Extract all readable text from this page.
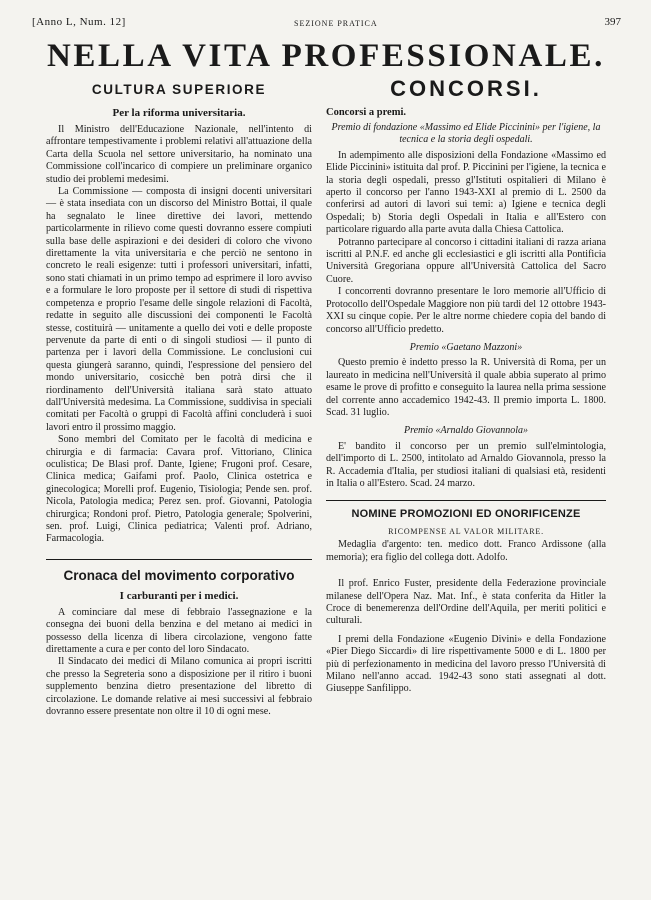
[Anno L, Num. 12]	SEZIONE PRATICA	397
NELLA VITA PROFESSIONALE.
CULTURA SUPERIORE
Per la riforma universitaria.

Il Ministro dell'Educazione Nazionale, nell'intento di affrontare tempestivamente i problemi relativi all'attuazione della Carta della Scuola nel settore universitario, ha nominato una Commissione coll'incarico di compiere un preliminare organico studio dei problemi medesimi.

La Commissione — composta di insigni docenti universitari — è stata insediata con un discorso del Ministro Bottai, il quale ha segnalato le linee direttive dei lavori, mettendo particolarmente in rilievo come questi dovranno essere compiuti sulla base delle aspirazioni e dei desideri di coloro che vivono direttamente la vita universitaria e che perciò ne sentono in concreto le reali esigenze: tutti i professori universitari, infatti, sono stati chiamati in un primo tempo ad esprimere il loro avviso e a formulare le loro proposte per il settore di studi di rispettiva competenza e proprio l'esame delle singole relazioni di Facoltà, redatte in seguito alle discussioni dei componenti le Facoltà stesse, costituirà — unitamente a quello dei voti e delle proposte pervenute da parte di enti o di singoli studiosi — il punto di partenza per i lavori della Commissione. Le conclusioni cui questa giungerà saranno, quindi, l'espressione del pensiero del mondo universitario, cosicchè ben potrà dirsi che il riordinamento dell'Università italiana sarà stato attuato dall'Università medesima. La Commissione, suddivisa in speciali comitati per Facoltà o gruppi di Facoltà affini concluderà i suoi lavori entro il prossimo maggio.

Sono membri del Comitato per le facoltà di medicina e chirurgia e di farmacia: Cavara prof. Vittoriano, Clinica oculistica; De Blasi prof. Dante, Igiene; Frugoni prof. Cesare, Clinica medica; Gaifami prof. Paolo, Clinica ostetrica e ginecologica; Morelli prof. Eugenio, Tisiologia; Pende sen. prof. Nicola, Patologia medica; Perez sen. prof. Giovanni, Patologia chirurgica; Rondoni prof. Pietro, Patologia generale; Spolverini, sen. prof. Luigi, Clinica pediatrica; Valenti prof. Adriano, Farmacologia.

Cronaca del movimento corporativo
I carburanti per i medici.

A cominciare dal mese di febbraio l'assegnazione e la consegna dei buoni della benzina e del metano ai medici in possesso della licenza di libera circolazione, vengono fatte direttamente a cura e per conto del loro Sindacato.

Il Sindacato dei medici di Milano comunica ai propri iscritti che presso la Segreteria sono a disposizione per il ritiro i buoni supplemento benzina dietro presentazione del libretto di circolazione. Le domande relative ai mesi successivi al febbraio dovranno essere presentate non oltre il 10 di ogni mese.

CONCORSI.
Concorsi a premi.
Premio di fondazione «Massimo ed Elide Piccinini» per l'igiene, la tecnica e la storia degli ospedali.

In adempimento alle disposizioni della Fondazione «Massimo ed Elide Piccinini» istituita dal prof. P. Piccinini per l'igiene, la tecnica e la storia degli ospedali, presso gl'Istituti ospitalieri di Milano è aperto il concorso per l'anno 1943-XXI al premio di L. 2500 da conferirsi ad autori di lavori sui temi: a) Igiene e tecnica degli Ospedali; b) Storia degli Ospedali in Italia e all'Estero con particolare riguardo alla parte avuta dalla Chiesa Cattolica.

Potranno partecipare al concorso i cittadini italiani di razza ariana iscritti al P.N.F. ed anche gli ecclesiastici e gli iscritti alla Pontificia Università Gregoriana oppure all'Università Cattolica del Sacro Cuore.

I concorrenti dovranno presentare le loro memorie all'Ufficio di Protocollo dell'Ospedale Maggiore non più tardi del 12 ottobre 1943-XXI su cinque copie. Per le altre norme chiedere copia del bando di concorso all'Ufficio predetto.

Premio «Gaetano Mazzoni»

Questo premio è indetto presso la R. Università di Roma, per un laureato in medicina nell'Università il quale abbia superato al primo esame le prove di profitto e conseguito la laurea nella prima sessione del corrente anno accademico 1942-43. Il premio importa L. 1800. Scad. 31 luglio.

Premio «Arnaldo Giovannola»

E' bandito il concorso per un premio sull'elmintologia, dell'importo di L. 2500, intitolato ad Arnaldo Giovannola, presso la R. Accademia d'Italia, per studiosi italiani di qualsiasi età, residenti in Italia o all'Estero. Scad. 24 marzo.

NOMINE PROMOZIONI ED ONORIFICENZE
RICOMPENSE AL VALOR MILITARE.

Medaglia d'argento: ten. medico dott. Franco Ardissone (alla memoria); era figlio del collega dott. Adolfo.

Il prof. Enrico Fuster, presidente della Federazione provinciale milanese dell'Opera Naz. Mat. Inf., è stata conferita da Hitler la Croce di benemerenza dell'Ordine dell'Aquila, per meriti politici e culturali.

I premi della Fondazione «Eugenio Divini» e della Fondazione «Pier Diego Siccardi» di lire rispettivamente 5000 e di L. 1800 per più di perfezionamento in medicina del lavoro presso l'Università di Milano nell'anno accad. 1942-43 sono stati assegnati al dott. Giuseppe Sanfilippo.
